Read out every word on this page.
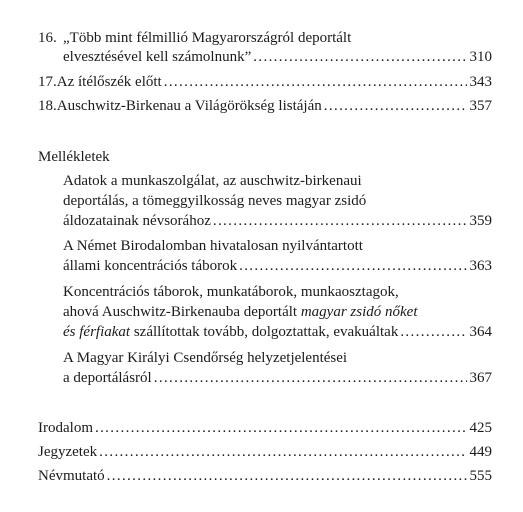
16. „Több mint félmillió Magyarországról deportált
elvesztésével kell számolnunk” . . .	310
17. Az ítélőszék előtt . . .	343
18. Auschwitz-Birkenau a Világörökség listáján . . .	357
Mellékletek
Adatok a munkaszolgálat, az auschwitz-birkenaui
deportálás, a tömeggyilkosság neves magyar zsidó
áldozatainak névsorához . . .	359
A Német Birodalomban hivatalosan nyilvántartott
állami koncentrációs táborok . . .	363
Koncentrációs táborok, munkatáborok, munkaosztagok,
ahová Auschwitz-Birkenauba deportált magyar zsidó nőket
és férfiakat szállítottak tovább, dolgoztattak, evakuáltak . . .	364
A Magyar Királyi Csendőrség helyzetjelentései
a deportálásról . . .	367
Irodalom . . .	425
Jegyzetek . . .	449
Névmutató . . .	555
